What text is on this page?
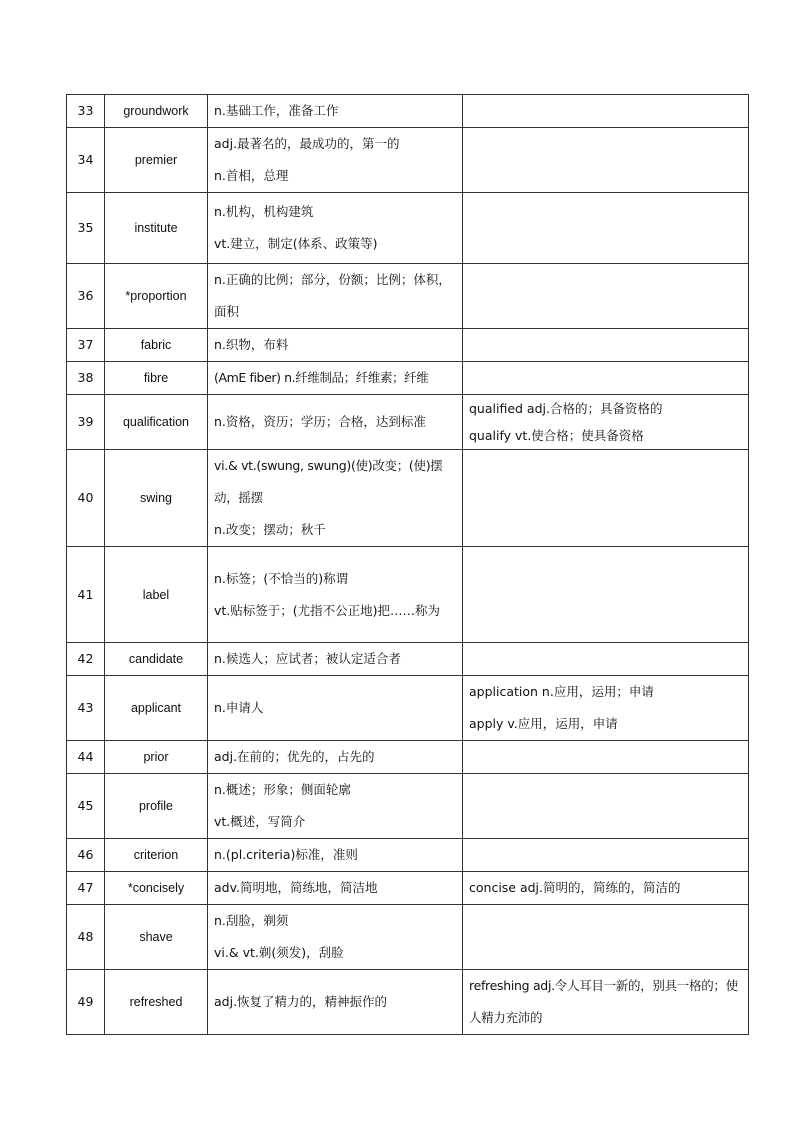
33	groundwork	n.基础工作，准备工作	

34	premier	adj.最著名的，最成功的，第一的
n.首相，总理	

35	institute	n.机构，机构建筑
vt.建立，制定(体系、政策等)	

36	*proportion	n.正确的比例；部分，份额；比例；体积，面积	

37	fabric	n.织物，布料	

38	fibre	(AmE fiber) n.纤维制品；纤维素；纤维	

39	qualification	n.资格，资历；学历；合格，达到标准	qualified adj.合格的；具备资格的
qualify vt.使合格；使具备资格

40	swing	vi.& vt.(swung, swung)(使)改变；(使)摆动，摇摆
n.改变；摆动；秋千	

41	label	n.标签；(不恰当的)称谓
vt.贴标签于；(尤指不公正地)把……称为	

42	candidate	n.候选人；应试者；被认定适合者	

43	applicant	n.申请人	application n.应用，运用；申请
apply v.应用，运用，申请

44	prior	adj.在前的；优先的，占先的	

45	profile	n.概述；形象；侧面轮廓
vt.概述，写简介	

46	criterion	n.(pl.criteria)标准，准则	

47	*concisely	adv.简明地，简练地，简洁地	concise adj.简明的，简练的，简洁的

48	shave	n.刮脸，剃须
vi.& vt.剃(须发)，刮脸	

49	refreshed	adj.恢复了精力的，精神振作的	refreshing adj.令人耳目一新的，别具一格的；使人精力充沛的
